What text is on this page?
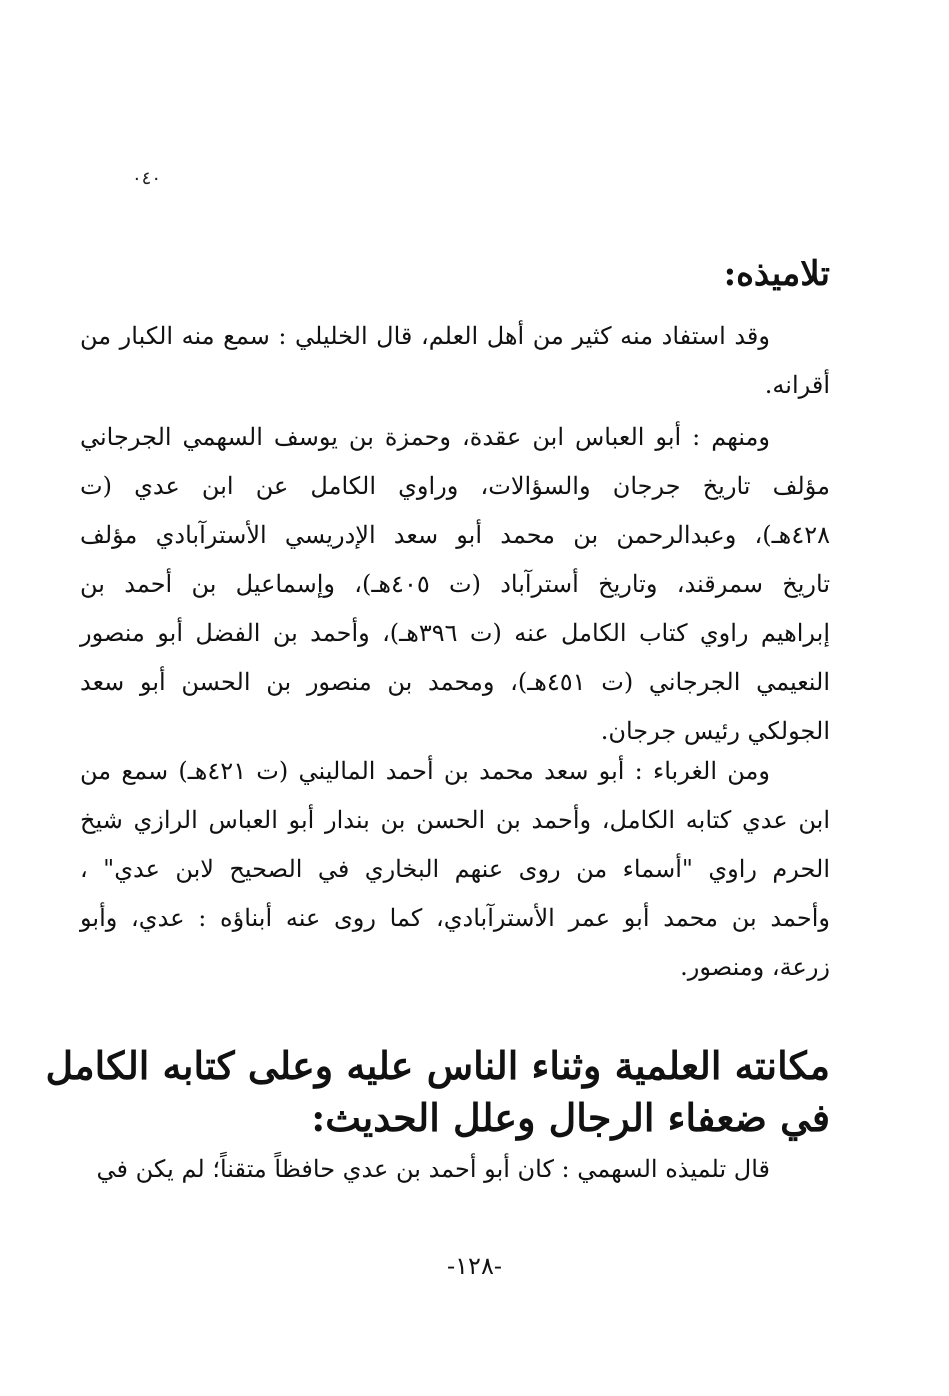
٠٤٠
تلاميذه:
وقد استفاد منه كثير من أهل العلم، قال الخليلي : سمع منه الكبار من
أقرانه.
ومنهم : أبو العباس ابن عقدة، وحمزة بن يوسف السهمي الجرجاني
مؤلف تاريخ جرجان والسؤالات، وراوي الكامل عن ابن عدي (ت
٤٢٨هـ)، وعبدالرحمن بن محمد أبو سعد الإدريسي الأسترآبادي مؤلف
تاريخ سمرقند، وتاريخ أسترآباد (ت ٤٠٥هـ)، وإسماعيل بن أحمد بن
إبراهيم راوي كتاب الكامل عنه (ت ٣٩٦هـ)، وأحمد بن الفضل أبو منصور
النعيمي الجرجاني (ت ٤٥١هـ)، ومحمد بن منصور بن الحسن أبو سعد
الجولكي رئيس جرجان.
ومن الغرباء : أبو سعد محمد بن أحمد الماليني (ت ٤٢١هـ) سمع من
ابن عدي كتابه الكامل، وأحمد بن الحسن بن بندار أبو العباس الرازي شيخ
الحرم راوي "أسماء من روى عنهم البخاري في الصحيح لابن عدي" ،
وأحمد بن محمد أبو عمر الأسترآبادي، كما روى عنه أبناؤه : عدي، وأبو
زرعة، ومنصور.
مكانته العلمية وثناء الناس عليه وعلى كتابه الكامل
في ضعفاء الرجال وعلل الحديث:
قال تلميذه السهمي : كان أبو أحمد بن عدي حافظاً متقناً؛ لم يكن في
-١٢٨-
